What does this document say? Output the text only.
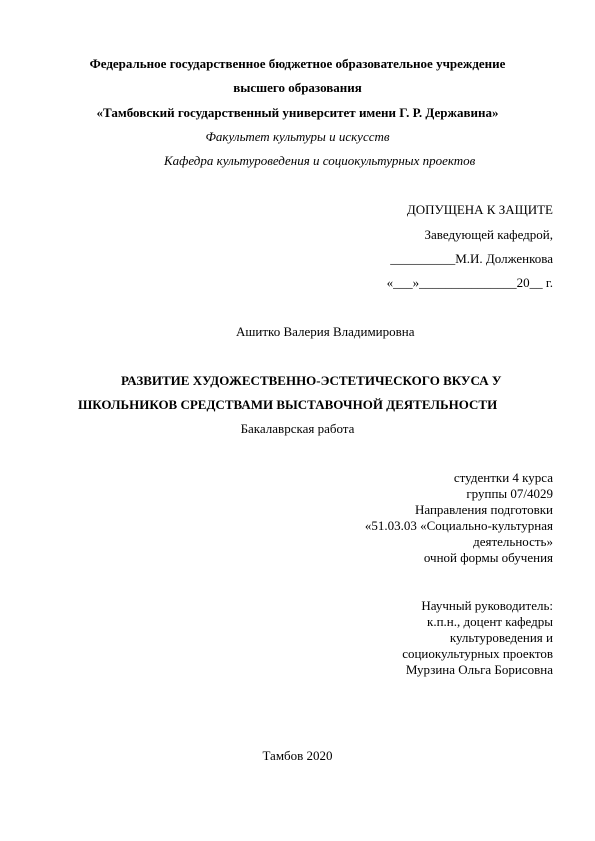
Федеральное государственное бюджетное образовательное учреждение
высшего образования
«Тамбовский государственный университет имени Г. Р. Державина»
Факультет культуры и искусств
Кафедра культуроведения и социокультурных проектов
ДОПУЩЕНА К ЗАЩИТЕ
Заведующей кафедрой,
__________М.И. Долженкова
«___»_______________20__ г.
Ашитко Валерия Владимировна
РАЗВИТИЕ ХУДОЖЕСТВЕННО-ЭСТЕТИЧЕСКОГО ВКУСА У
ШКОЛЬНИКОВ СРЕДСТВАМИ ВЫСТАВОЧНОЙ ДЕЯТЕЛЬНОСТИ
Бакалаврская работа
студентки 4 курса
группы 07/4029
Направления подготовки
«51.03.03 «Социально-культурная
деятельность»
очной формы обучения
Научный руководитель:
к.п.н., доцент кафедры
культуроведения и
социокультурных проектов
Мурзина Ольга Борисовна
Тамбов 2020
